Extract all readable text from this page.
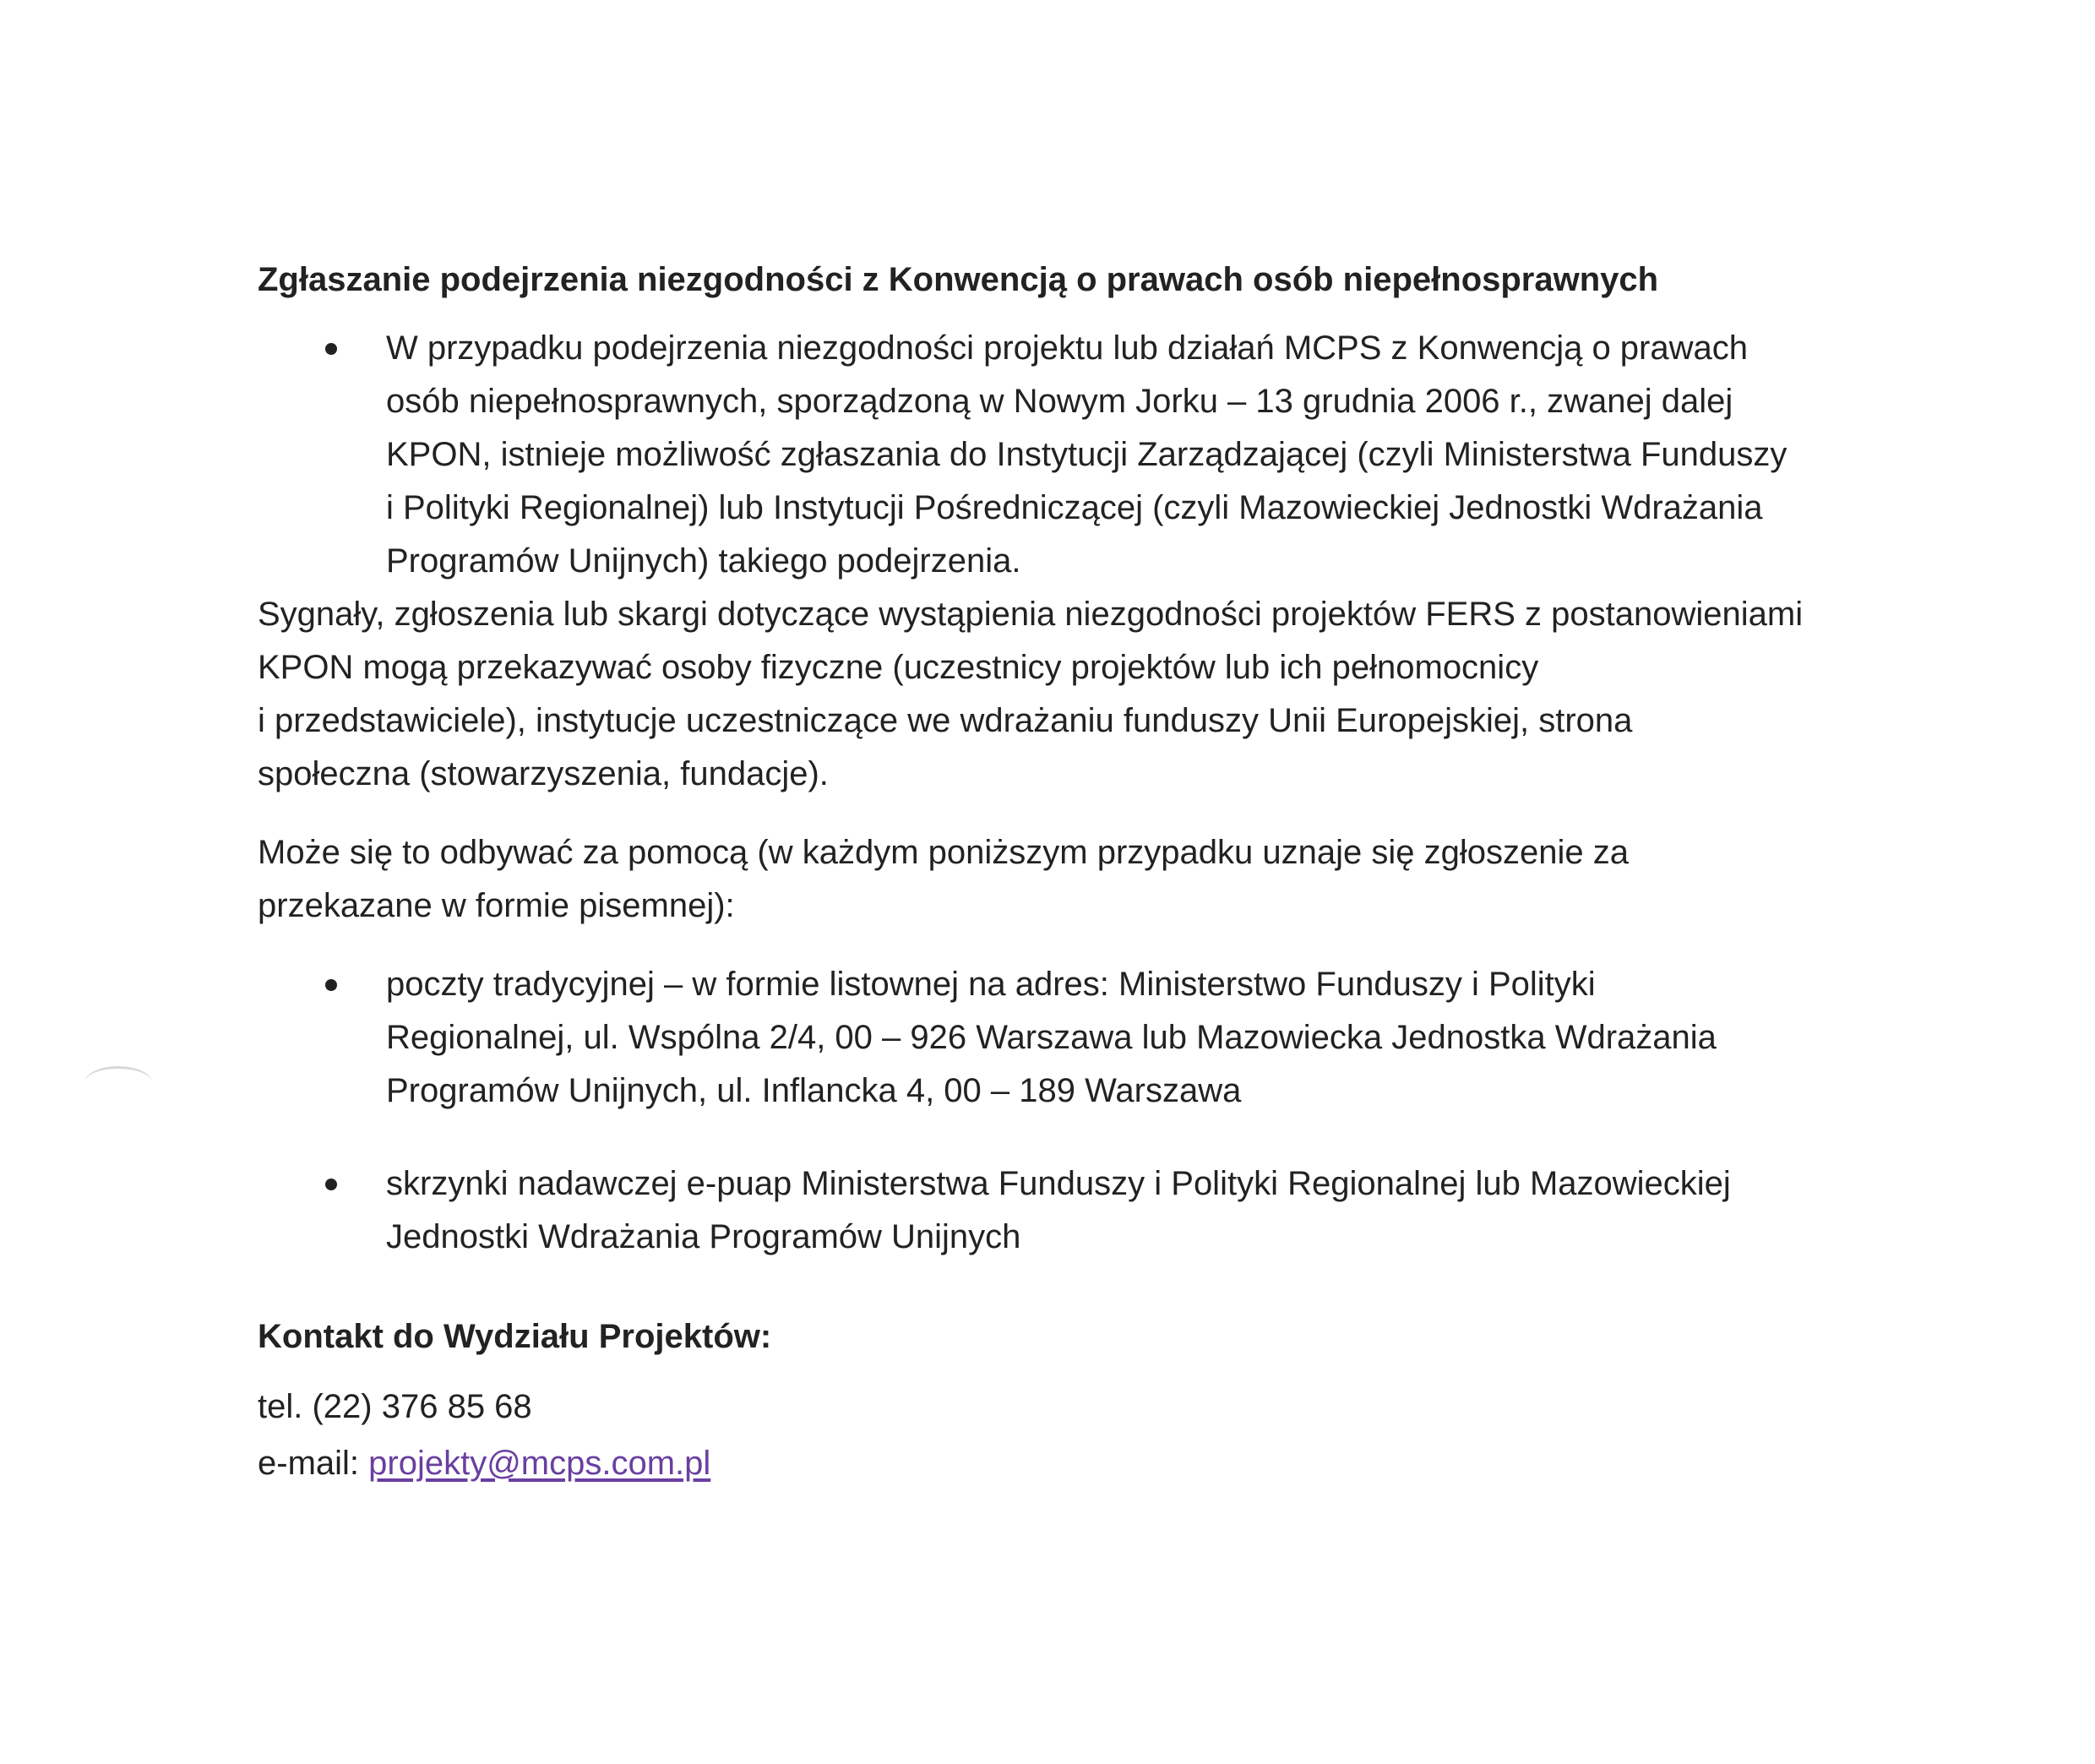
Zgłaszanie podejrzenia niezgodności z Konwencją o prawach osób niepełnosprawnych
W przypadku podejrzenia niezgodności projektu lub działań MCPS z Konwencją o prawach
osób niepełnosprawnych, sporządzoną w Nowym Jorku – 13 grudnia 2006 r., zwanej dalej
KPON, istnieje możliwość zgłaszania do Instytucji Zarządzającej (czyli Ministerstwa Funduszy
i Polityki Regionalnej) lub Instytucji Pośredniczącej (czyli Mazowieckiej Jednostki Wdrażania
Programów Unijnych) takiego podejrzenia.

Sygnały, zgłoszenia lub skargi dotyczące wystąpienia niezgodności projektów FERS z postanowieniami
KPON mogą przekazywać osoby fizyczne (uczestnicy projektów lub ich pełnomocnicy
i przedstawiciele), instytucje uczestniczące we wdrażaniu funduszy Unii Europejskiej, strona
społeczna (stowarzyszenia, fundacje).

Może się to odbywać za pomocą (w każdym poniższym przypadku uznaje się zgłoszenie za
przekazane w formie pisemnej):

poczty tradycyjnej – w formie listownej na adres: Ministerstwo Funduszy i Polityki
Regionalnej, ul. Wspólna 2/4, 00 – 926 Warszawa lub Mazowiecka Jednostka Wdrażania
Programów Unijnych, ul. Inflancka 4, 00 – 189 Warszawa
skrzynki nadawczej e-puap Ministerstwa Funduszy i Polityki Regionalnej lub Mazowieckiej
Jednostki Wdrażania Programów Unijnych
Kontakt do Wydziału Projektów:
tel. (22) 376 85 68
e-mail: projekty@mcps.com.pl
